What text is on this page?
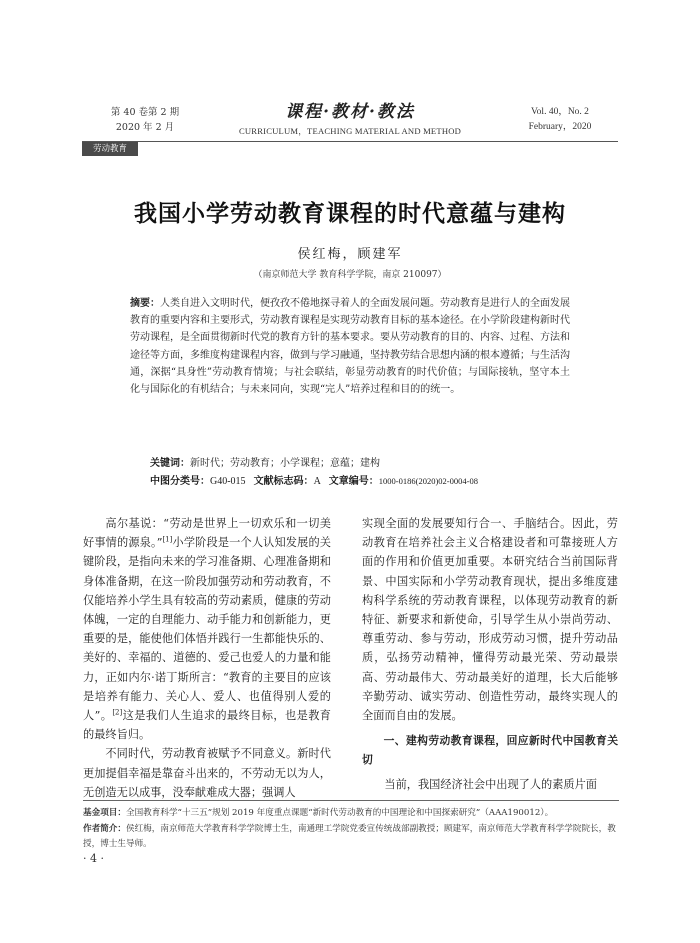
第 40 卷第 2 期
2020 年 2 月
课程·教材·教法
CURRICULUM，TEACHING MATERIAL AND METHOD
Vol. 40，No. 2
February，2020
劳动教育
我国小学劳动教育课程的时代意蕴与建构
侯红梅，顾建军
（南京师范大学 教育科学学院，南京 210097）
摘要：人类自进入文明时代，便孜孜不倦地探寻着人的全面发展问题。劳动教育是进行人的全面发展教育的重要内容和主要形式，劳动教育课程是实现劳动教育目标的基本途径。在小学阶段建构新时代劳动课程，是全面贯彻新时代党的教育方针的基本要求。要从劳动教育的目的、内容、过程、方法和途径等方面，多维度构建课程内容，做到与学习融通，坚持教劳结合思想内涵的根本遵循；与生活沟通，深据“具身性”劳动教育情境；与社会联结，彰显劳动教育的时代价值；与国际接轨，坚守本土化与国际化的有机结合；与未来同向，实现“完人”培养过程和目的的统一。
关键词：新时代；劳动教育；小学课程；意蕴；建构
中图分类号：G40-015 文献标志码：A 文章编号：1000-0186(2020)02-0004-08

高尔基说：“劳动是世界上一切欢乐和一切美好事情的源泉。”[1]小学阶段是一个人认知发展的关键阶段，是指向未来的学习准备期、心理准备期和身体准备期，在这一阶段加强劳动和劳动教育，不仅能培养小学生具有较高的劳动素质，健康的劳动体魄，一定的自理能力、动手能力和创新能力，更重要的是，能使他们体悟并践行一生都能快乐的、美好的、幸福的、道德的、爱己也爱人的力量和能力，正如内尔·诺丁斯所言：“教育的主要目的应该是培养有能力、关心人、爱人、也值得别人爱的人”。[2]这是我们人生追求的最终目标，也是教育的最终旨归。

不同时代，劳动教育被赋予不同意义。新时代更加提倡幸福是靠奋斗出来的，不劳动无以为人，无创造无以成事，没奉献难成大器；强调人

实现全面的发展要知行合一、手脑结合。因此，劳动教育在培养社会主义合格建设者和可靠接班人方面的作用和价值更加重要。本研究结合当前国际背景、中国实际和小学劳动教育现状，提出多维度建构科学系统的劳动教育课程，以体现劳动教育的新特征、新要求和新使命，引导学生从小崇尚劳动、尊重劳动、参与劳动，形成劳动习惯，提升劳动品质，弘扬劳动精神，懂得劳动最光荣、劳动最崇高、劳动最伟大、劳动最美好的道理，长大后能够辛勤劳动、诚实劳动、创造性劳动，最终实现人的全面而自由的发展。

一、建构劳动教育课程，回应新时代中国教育关切

当前，我国经济社会中出现了人的素质片面

基金项目：全国教育科学“十三五”规划 2019 年度重点课题“新时代劳动教育的中国理论和中国探索研究”（AAA190012）。
作者简介：侯红梅，南京师范大学教育科学学院博士生，南通理工学院党委宣传统战部副教授；顾建军，南京师范大学教育科学学院院长，教授，博士生导师。
· 4 ·
